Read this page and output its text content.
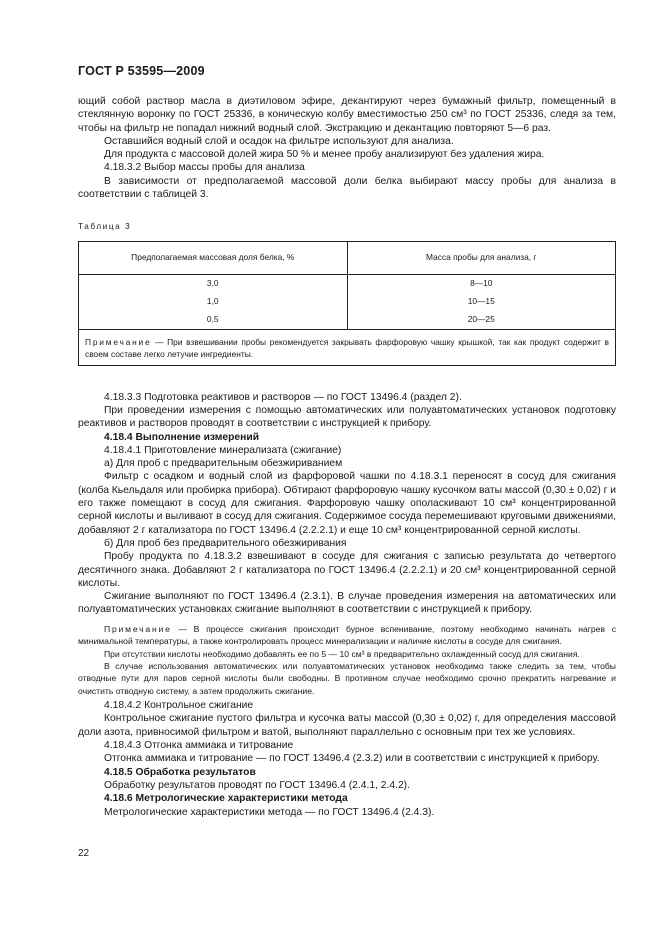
ГОСТ Р 53595—2009

ющий собой раствор масла в диэтиловом эфире, декантируют через бумажный фильтр, помещенный в стеклянную воронку по ГОСТ 25336, в коническую колбу вместимостью 250 см³ по ГОСТ 25336, следя за тем, чтобы на фильтр не попадал нижний водный слой. Экстракцию и декантацию повторяют 5—6 раз.

Оставшийся водный слой и осадок на фильтре используют для анализа.

Для продукта с массовой долей жира 50 % и менее пробу анализируют без удаления жира.

4.18.3.2 Выбор массы пробы для анализа

В зависимости от предполагаемой массовой доли белка выбирают массу пробы для анализа в соответствии с таблицей 3.

Таблица 3
Предполагаемая массовая доля белка, %	Масса пробы для анализа, г
3,0	8—10
1,0	10—15
0,5	20—25
Примечание — При взвешивании пробы рекомендуется закрывать фарфоровую чашку крышкой, так как продукт содержит в своем составе легко летучие ингредиенты.	

4.18.3.3 Подготовка реактивов и растворов — по ГОСТ 13496.4 (раздел 2).

При проведении измерения с помощью автоматических или полуавтоматических установок подготовку реактивов и растворов проводят в соответствии с инструкцией к прибору.

4.18.4 Выполнение измерений

4.18.4.1 Приготовление минерализата (сжигание)

а) Для проб с предварительным обезжириванием

Фильтр с осадком и водный слой из фарфоровой чашки по 4.18.3.1 переносят в сосуд для сжигания (колба Кьельдаля или пробирка прибора). Обтирают фарфоровую чашку кусочком ваты массой (0,30 ± 0,02) г и его также помещают в сосуд для сжигания. Фарфоровую чашку ополаскивают 10 см³ концентрированной серной кислоты и выливают в сосуд для сжигания. Содержимое сосуда перемешивают круговыми движениями, добавляют 2 г катализатора по ГОСТ 13496.4 (2.2.2.1) и еще 10 см³ концентрированной серной кислоты.

б) Для проб без предварительного обезжиривания

Пробу продукта по 4.18.3.2 взвешивают в сосуде для сжигания с записью результата до четвертого десятичного знака. Добавляют 2 г катализатора по ГОСТ 13496.4 (2.2.2.1) и 20 см³ концентрированной серной кислоты.

Сжигание выполняют по ГОСТ 13496.4 (2.3.1). В случае проведения измерения на автоматических или полуавтоматических установках сжигание выполняют в соответствии с инструкцией к прибору.

Примечание — В процессе сжигания происходит бурное вспенивание, поэтому необходимо начинать нагрев с минимальной температуры, а также контролировать процесс минерализации и наличие кислоты в сосуде для сжигания.

При отсутствии кислоты необходимо добавлять ее по 5 — 10 см³ в предварительно охлажденный сосуд для сжигания.

В случае использования автоматических или полуавтоматических установок необходимо также следить за тем, чтобы отводные пути для паров серной кислоты были свободны. В противном случае необходимо срочно прекратить нагревание и очистить отводную систему, а затем продолжить сжигание.

4.18.4.2 Контрольное сжигание

Контрольное сжигание пустого фильтра и кусочка ваты массой (0,30 ± 0,02) г, для определения массовой доли азота, привносимой фильтром и ватой, выполняют параллельно с основным при тех же условиях.

4.18.4.3 Отгонка аммиака и титрование

Отгонка аммиака и титрование — по ГОСТ 13496.4 (2.3.2) или в соответствии с инструкцией к прибору.

4.18.5 Обработка результатов

Обработку результатов проводят по ГОСТ 13496.4 (2.4.1, 2.4.2).

4.18.6 Метрологические характеристики метода

Метрологические характеристики метода — по ГОСТ 13496.4 (2.4.3).

22
